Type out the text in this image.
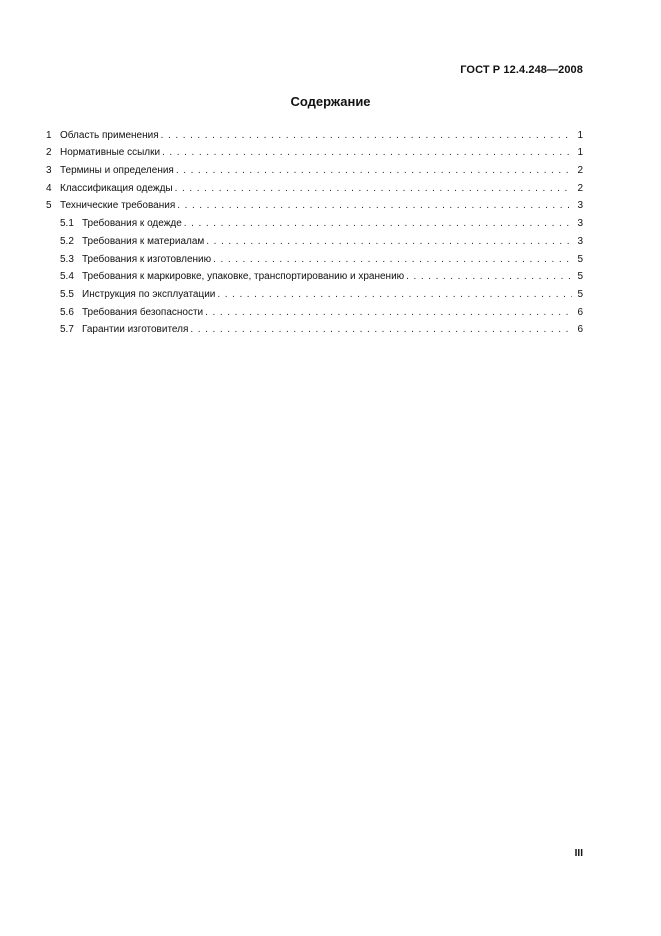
ГОСТ Р 12.4.248—2008
Содержание
1 Область применения . . .	1
2 Нормативные ссылки . . .	1
3 Термины и определения . . .	2
4 Классификация одежды . . .	2
5 Технические требования . . .	3
5.1 Требования к одежде . . .	3
5.2 Требования к материалам . . .	3
5.3 Требования к изготовлению . . .	5
5.4 Требования к маркировке, упаковке, транспортированию и хранению . . .	5
5.5 Инструкция по эксплуатации . . .	5
5.6 Требования безопасности . . .	6
5.7 Гарантии изготовителя . . .	6
III
